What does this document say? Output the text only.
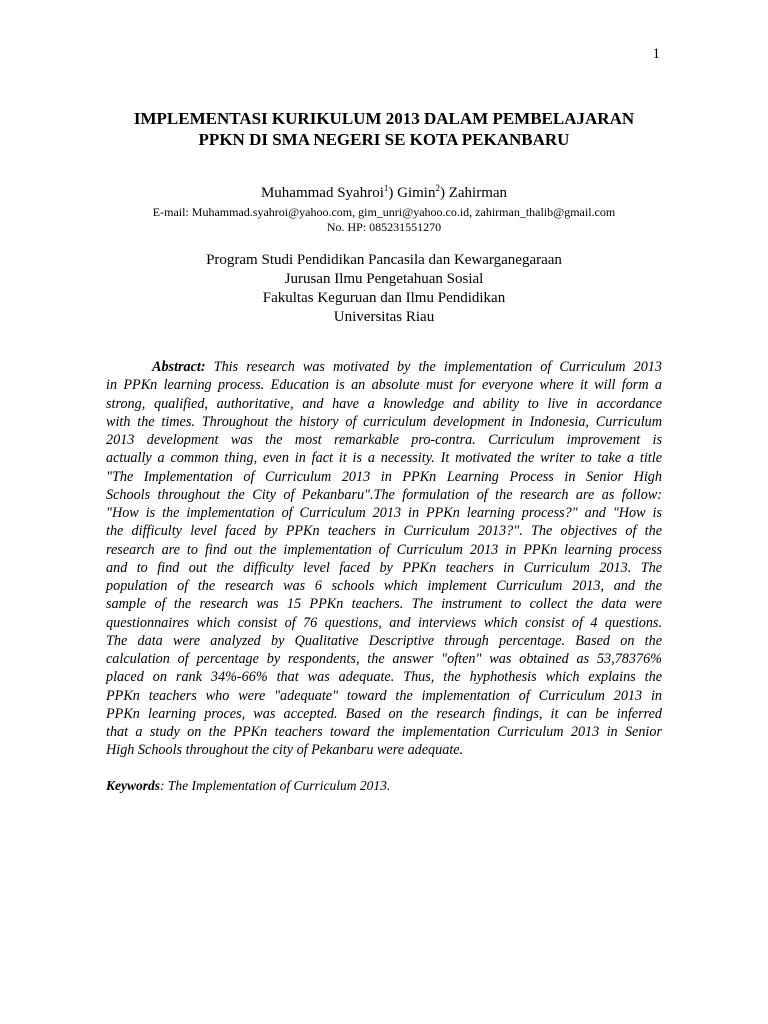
1
IMPLEMENTASI KURIKULUM 2013 DALAM PEMBELAJARAN
PPKN DI SMA NEGERI SE KOTA PEKANBARU
Muhammad Syahroi$^1$) Gimin$^2$) Zahirman
E-mail: Muhammad.syahroi@yahoo.com, gim_unri@yahoo.co.id, zahirman_thalib@gmail.com
No. HP: 085231551270
Program Studi Pendidikan Pancasila dan Kewarganegaraan
Jurusan Ilmu Pengetahuan Sosial
Fakultas Keguruan dan Ilmu Pendidikan
Universitas Riau
Abstract: This research was motivated by the implementation of Curriculum 2013
in PPKn learning process. Education is an absolute must for everyone where it will form a
strong, qualified, authoritative, and have a knowledge and ability to live in accordance
with the times. Throughout the history of curriculum development in Indonesia, Curriculum
2013 development was the most remarkable pro-contra. Curriculum improvement is
actually a common thing, even in fact it is a necessity. It motivated the writer to take a title
"The Implementation of Curriculum 2013 in PPKn Learning Process in Senior High
Schools throughout the City of Pekanbaru".The formulation of the research are as follow:
"How is the implementation of Curriculum 2013 in PPKn learning process?" and "How is
the difficulty level faced by PPKn teachers in Curriculum 2013?". The objectives of the
research are to find out the implementation of Curriculum 2013 in PPKn learning process
and to find out the difficulty level faced by PPKn teachers in Curriculum 2013. The
population of the research was 6 schools which implement Curriculum 2013, and the
sample of the research was 15 PPKn teachers. The instrument to collect the data were
questionnaires which consist of 76 questions, and interviews which consist of 4 questions.
The data were analyzed by Qualitative Descriptive through percentage. Based on the
calculation of percentage by respondents, the answer "often" was obtained as 53,78376%
placed on rank 34%-66% that was adequate. Thus, the hyphothesis which explains the
PPKn teachers who were "adequate" toward the implementation of Curriculum 2013 in
PPKn learning proces, was accepted. Based on the research findings, it can be inferred
that a study on the PPKn teachers toward the implementation Curriculum 2013 in Senior
High Schools throughout the city of Pekanbaru were adequate.
Keywords: The Implementation of Curriculum 2013.
